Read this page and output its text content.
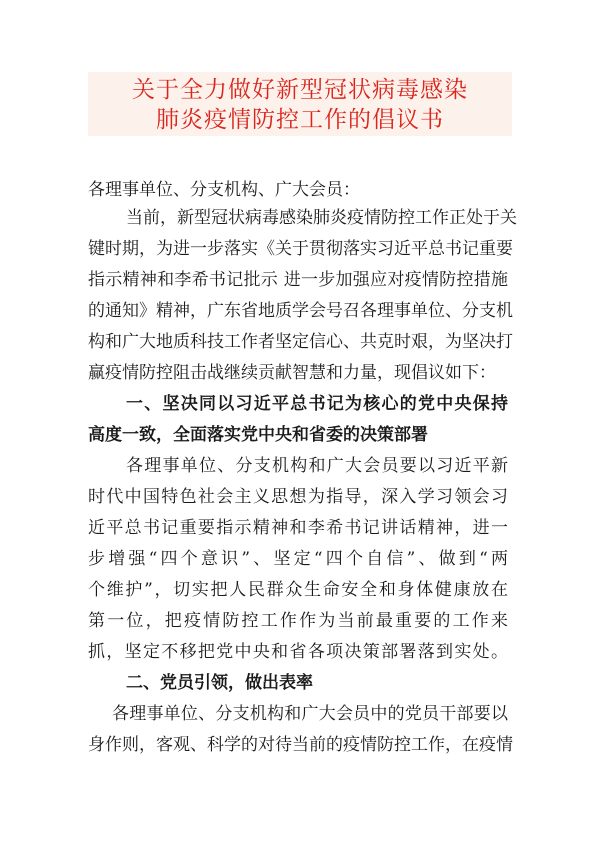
关于全力做好新型冠状病毒感染
肺炎疫情防控工作的倡议书
各理事单位、分支机构、广大会员：
当前，新型冠状病毒感染肺炎疫情防控工作正处于关
键时期，为进一步落实《关于贯彻落实习近平总书记重要
指示精神和李希书记批示 进一步加强应对疫情防控措施
的通知》精神，广东省地质学会号召各理事单位、分支机
构和广大地质科技工作者坚定信心、共克时艰，为坚决打
赢疫情防控阻击战继续贡献智慧和力量，现倡议如下：
一、坚决同以习近平总书记为核心的党中央保持
高度一致，全面落实党中央和省委的决策部署
各理事单位、分支机构和广大会员要以习近平新
时代中国特色社会主义思想为指导，深入学习领会习
近平总书记重要指示精神和李希书记讲话精神，进一
步增强“四个意识”、坚定“四个自信”、做到“两
个维护”，切实把人民群众生命安全和身体健康放在
第一位，把疫情防控工作作为当前最重要的工作来
抓，坚定不移把党中央和省各项决策部署落到实处。
二、党员引领，做出表率
各理事单位、分支机构和广大会员中的党员干部要以
身作则，客观、科学的对待当前的疫情防控工作，在疫情
